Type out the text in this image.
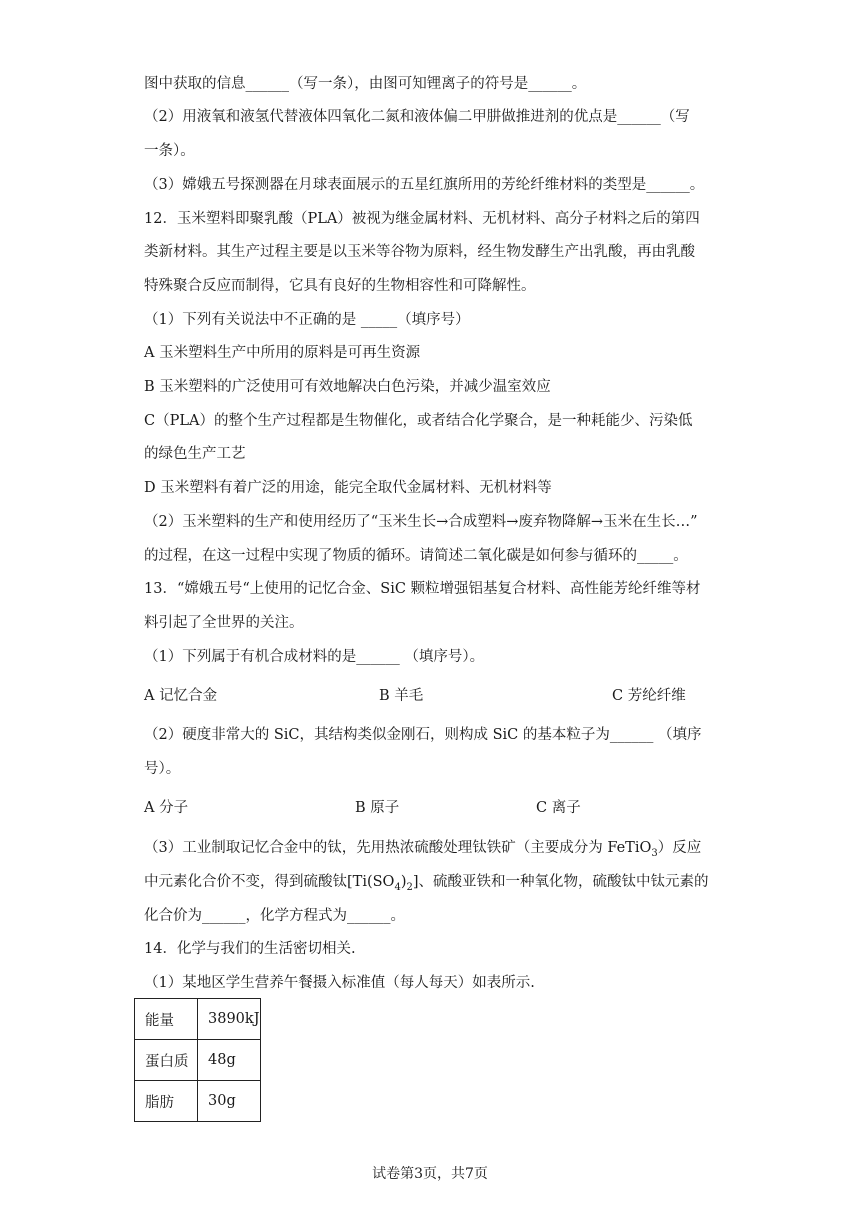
图中获取的信息______（写一条），由图可知锂离子的符号是______。
（2）用液氧和液氢代替液体四氧化二氮和液体偏二甲肼做推进剂的优点是______（写
一条）。
（3）嫦娥五号探测器在月球表面展示的五星红旗所用的芳纶纤维材料的类型是______。
12．玉米塑料即聚乳酸（PLA）被视为继金属材料、无机材料、高分子材料之后的第四
类新材料。其生产过程主要是以玉米等谷物为原料，经生物发酵生产出乳酸，再由乳酸
特殊聚合反应而制得，它具有良好的生物相容性和可降解性。
（1）下列有关说法中不正确的是 _____（填序号）
A 玉米塑料生产中所用的原料是可再生资源
B 玉米塑料的广泛使用可有效地解决白色污染，并减少温室效应
C（PLA）的整个生产过程都是生物催化，或者结合化学聚合，是一种耗能少、污染低
的绿色生产工艺
D 玉米塑料有着广泛的用途，能完全取代金属材料、无机材料等
（2）玉米塑料的生产和使用经历了“玉米生长→合成塑料→废弃物降解→玉米在生长…”
的过程，在这一过程中实现了物质的循环。请简述二氧化碳是如何参与循环的_____。
13．“嫦娥五号“上使用的记忆合金、SiC 颗粒增强铝基复合材料、高性能芳纶纤维等材
料引起了全世界的关注。
（1）下列属于有机合成材料的是______ （填序号）。
A 记忆合金	B 羊毛	C 芳纶纤维
（2）硬度非常大的 SiC，其结构类似金刚石，则构成 SiC 的基本粒子为______ （填序
号）。
A 分子	B 原子	C 离子
（3）工业制取记忆合金中的钛，先用热浓硫酸处理钛铁矿（主要成分为 FeTiO$_3$）反应
中元素化合价不变，得到硫酸钛$[Ti(SO_4)_2]$、硫酸亚铁和一种氧化物，硫酸钛中钛元素的
化合价为______，化学方程式为______。
14．化学与我们的生活密切相关.
（1）某地区学生营养午餐摄入标准值（每人每天）如表所示.
能量	3890kJ
蛋白质	48g
脂肪	30g
试卷第3页，共7页
